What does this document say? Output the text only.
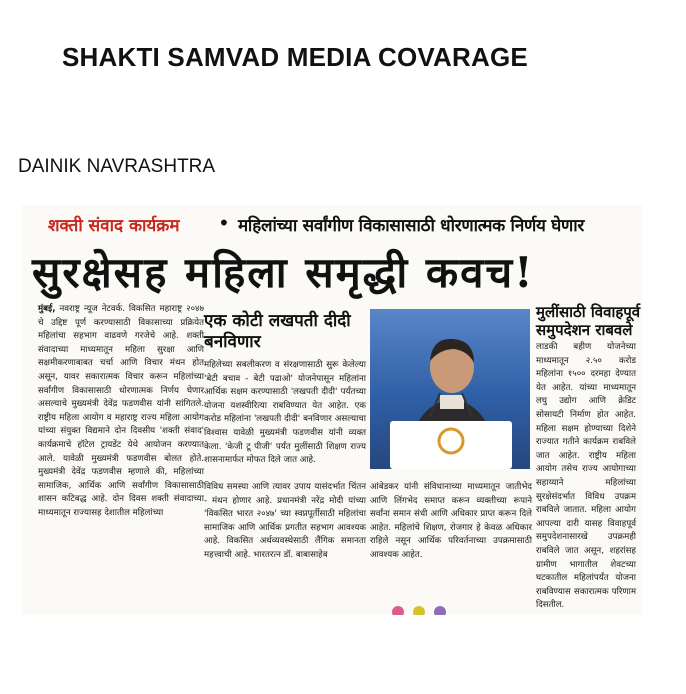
SHAKTI SAMVAD MEDIA COVARAGE
DAINIK NAVRASHTRA
शक्ती संवाद कार्यक्रम • महिलांच्या सर्वांगीण विकासासाठी धोरणात्मक निर्णय घेणार
सुरक्षेसह महिला समृद्धी कवच!
मुंबई, नवराष्ट्र न्यूज नेटवर्क. विकसित महाराष्ट्र २०४७ चे उद्दिष्ट पूर्ण करण्यासाठी विकासाच्या प्रक्रियेत महिलांचा सहभाग वाढवणे गरजेचे आहे. शक्ती संवादाच्या माध्यमातून महिला सुरक्षा आणि सक्षमीकरणाबाबत चर्चा आणि विचार मंथन होत असून, यावर सकारात्मक विचार करून महिलांच्या सर्वांगीण विकासासाठी धोरणात्मक निर्णय घेणार असल्याचे मुख्यमंत्री देवेंद्र फडणवीस यांनी सांगितले. राष्ट्रीय महिला आयोग व महाराष्ट्र राज्य महिला आयोग यांच्या संयुक्त विद्यमाने दोन दिवसीय 'शक्ती संवाद' कार्यक्रमाचे हॉटेल ट्रायडेंट येथे आयोजन करण्यात आले. यावेळी मुख्यमंत्री फडणवीस बोलत होते. मुख्यमंत्री देवेंद्र फडणवीस म्हणाले की, महिलांच्या सामाजिक, आर्थिक आणि सर्वांगीण विकासासाठी शासन कटिबद्ध आहे. दोन दिवस शक्ती संवादाच्या माध्यमातून राज्यासह देशातील महिलांच्या
एक कोटी लखपती दीदी बनविणार
महिलेच्या सबलीकरण व संरक्षणासाठी सुरू केलेल्या 'बेटी बचाव - बेटी पढाओ' योजनेपासून महिलांना आर्थिक सक्षम करण्यासाठी 'लखपती दीदी' पर्यंतच्या योजना यशस्वीरित्या राबविण्यात येत आहेत. एक करोड महिलांना 'लखपती दीदी' बनविणार असल्याचा विश्वास यावेळी मुख्यमंत्री फडणवीस यांनी व्यक्त केला. 'केजी टू पीजी' पर्यंत मुलींसाठी शिक्षण राज्य शासनामार्फत मोफत दिले जात आहे.
विविध समस्या आणि त्यावर उपाय यासंदर्भात चिंतन - मंथन होणार आहे. प्रधानमंत्री नरेंद्र मोदी यांच्या 'विकसित भारत २०४७' च्या स्वप्नपूर्तीसाठी महिलांचा सामाजिक आणि आर्थिक प्रगतीत सहभाग आवश्यक आहे. विकसित अर्थव्यवस्थेसाठी लैंगिक समानता महत्त्वाची आहे. भारतरत्न डॉ. बाबासाहेब
आंबेडकर यांनी संविधानाच्या माध्यमातून जातीभेद आणि लिंगभेद समाप्त करून व्यक्तीच्या रूपाने सर्वांना समान संधी आणि अधिकार प्राप्त करून दिले आहेत. महिलांचे शिक्षण, रोजगार हे केवळ अधिकार राहिले नसून आर्थिक परिवर्तनाच्या उपक्रमासाठी आवश्यक आहेत.
मुलींसाठी विवाहपूर्व समुपदेशन राबवले
लाडकी बहीण योजनेच्या माध्यमातून २.५० करोड महिलांना १५०० दरमहा देण्यात येत आहेत. यांच्या माध्यमातून लघु उद्योग आणि क्रेडिट सोसायटी निर्माण होत आहेत. महिला सक्षम होण्याच्या दिशेने राज्यात गतीने कार्यक्रम राबविले जात आहेत. राष्ट्रीय महिला आयोग तसेच राज्य आयोगाच्या सहाय्याने महिलांच्या सुरक्षेसंदर्भात विविध उपक्रम राबविले जातात. महिला आयोग आपल्या दारी यासह विवाहपूर्व समुपदेशनासारखे उपक्रमही राबविले जात असून, शहरांसह ग्रामीण भागातील शेवटच्या घटकातील महिलांपर्यंत योजना राबविण्यास सकारात्मक परिणाम दिसतील.
